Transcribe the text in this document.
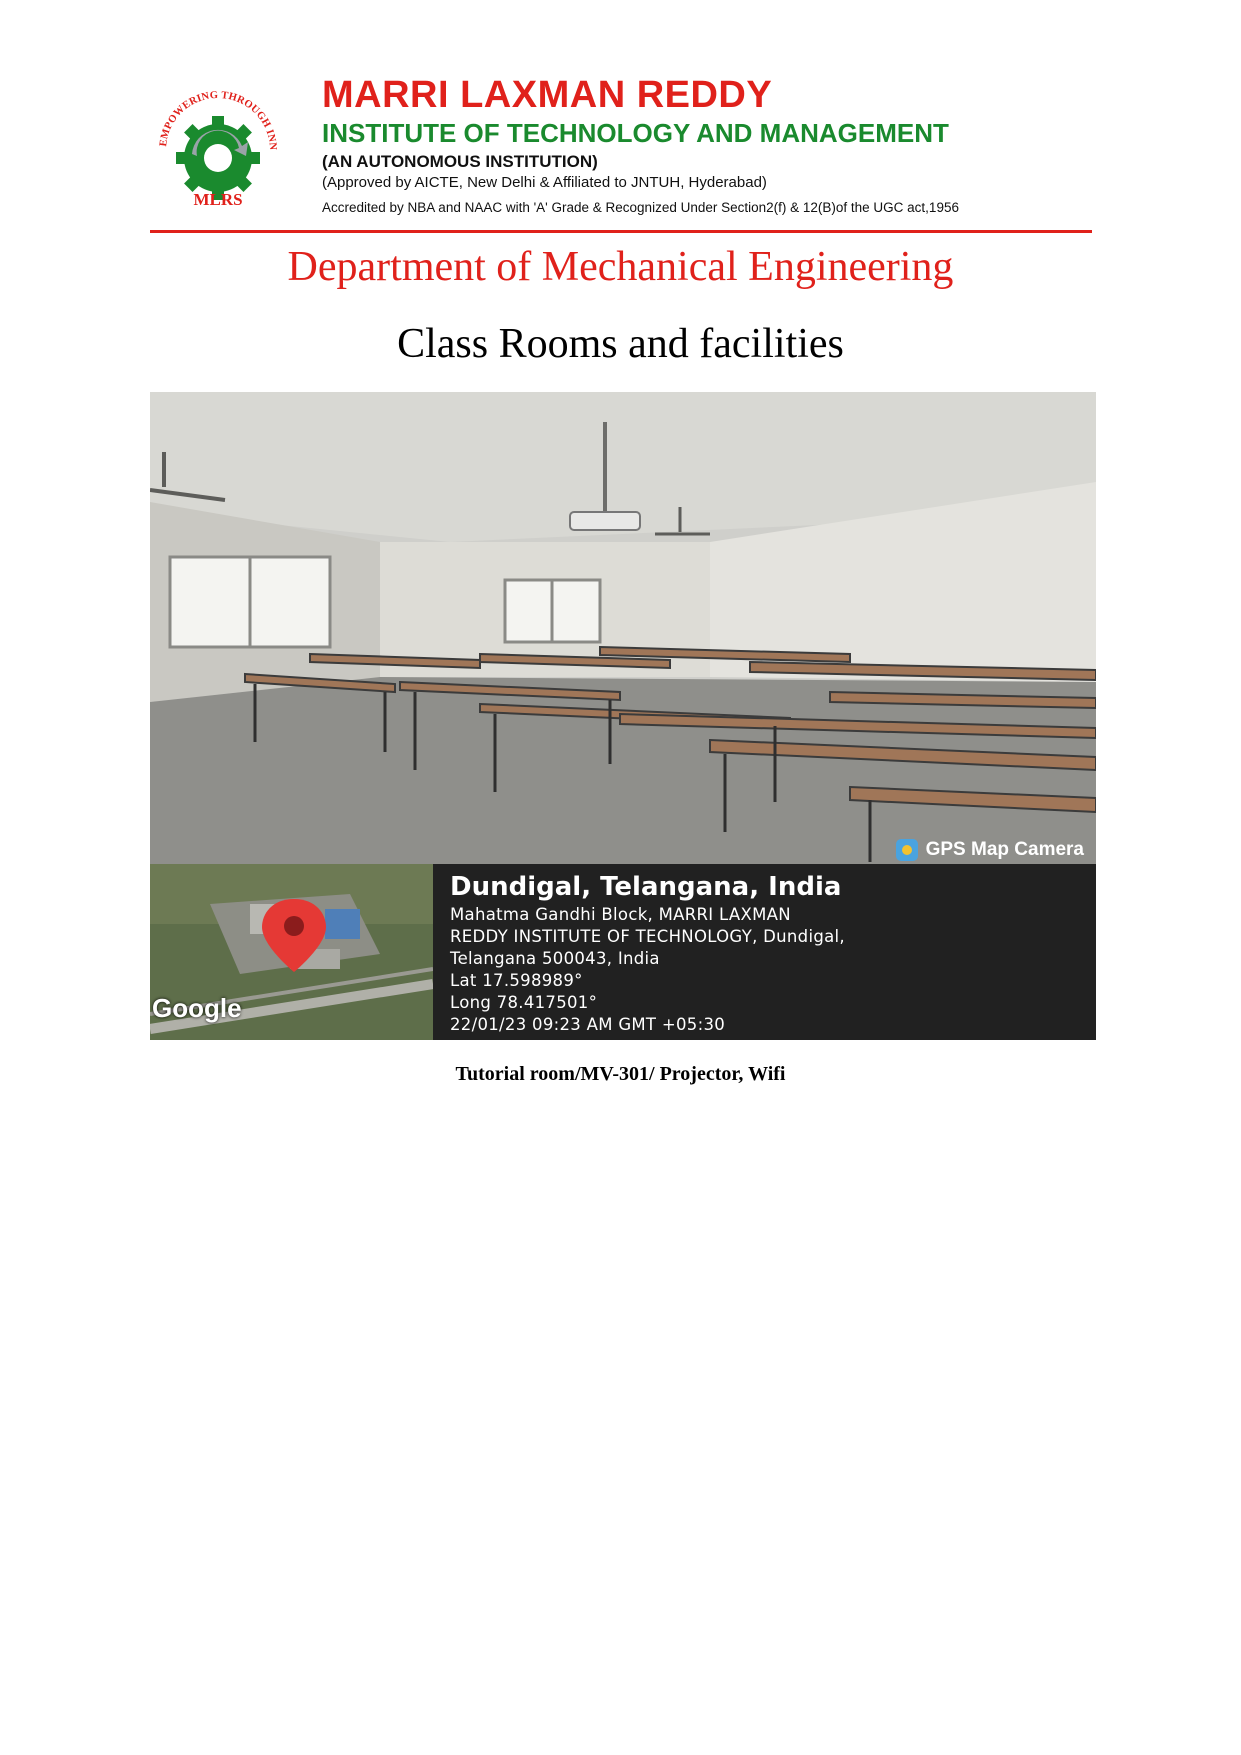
EMPOWERING THROUGH INN
MLRS
MARRI LAXMAN REDDY
INSTITUTE OF TECHNOLOGY AND MANAGEMENT
(AN AUTONOMOUS INSTITUTION)
(Approved by AICTE, New Delhi & Affiliated to JNTUH, Hyderabad)
Accredited by NBA and NAAC with 'A' Grade & Recognized Under Section2(f) & 12(B)of the UGC act,1956
Department of Mechanical Engineering
Class Rooms and facilities
GPS Map Camera
Google
Dundigal, Telangana, India
Mahatma Gandhi Block, MARRI LAXMAN
REDDY INSTITUTE OF TECHNOLOGY, Dundigal,
Telangana 500043, India
Lat 17.598989°
Long 78.417501°
22/01/23 09:23 AM GMT +05:30
Tutorial room/MV-301/ Projector, Wifi
